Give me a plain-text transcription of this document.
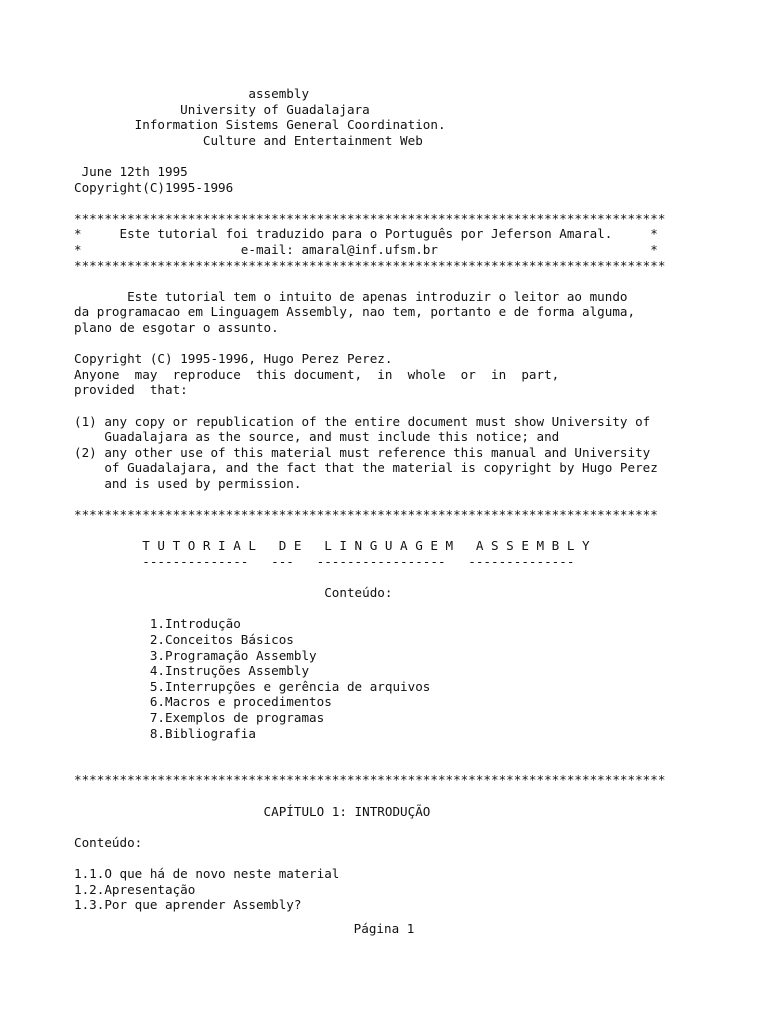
assembly

University of Guadalajara

Information Sistems General Coordination.

Culture and Entertainment Web

June 12th 1995

Copyright(C)1995-1996

******************************************************************************

*     Este tutorial foi traduzido para o Português por Jeferson Amaral.     *

*                     e-mail: amaral@inf.ufsm.br                            *

******************************************************************************

Este tutorial tem o intuito de apenas introduzir o leitor ao mundo

da programacao em Linguagem Assembly, nao tem, portanto e de forma alguma,

plano de esgotar o assunto.

Copyright (C) 1995-1996, Hugo Perez Perez.

Anyone  may  reproduce  this document,  in  whole  or  in  part,

provided  that:

(1) any copy or republication of the entire document must show University of

Guadalajara as the source, and must include this notice; and

(2) any other use of this material must reference this manual and University

of Guadalajara, and the fact that the material is copyright by Hugo Perez

and is used by permission.

*****************************************************************************

T U T O R I A L   D E   L I N G U A G E M   A S S E M B L Y

--------------   ---   -----------------   --------------

Conteúdo:

1.Introdução

2.Conceitos Básicos

3.Programação Assembly

4.Instruções Assembly

5.Interrupções e gerência de arquivos

6.Macros e procedimentos

7.Exemplos de programas

8.Bibliografia

******************************************************************************

CAPÍTULO 1: INTRODUÇÃO

Conteúdo:

1.1.O que há de novo neste material

1.2.Apresentação

1.3.Por que aprender Assembly?

Página 1
